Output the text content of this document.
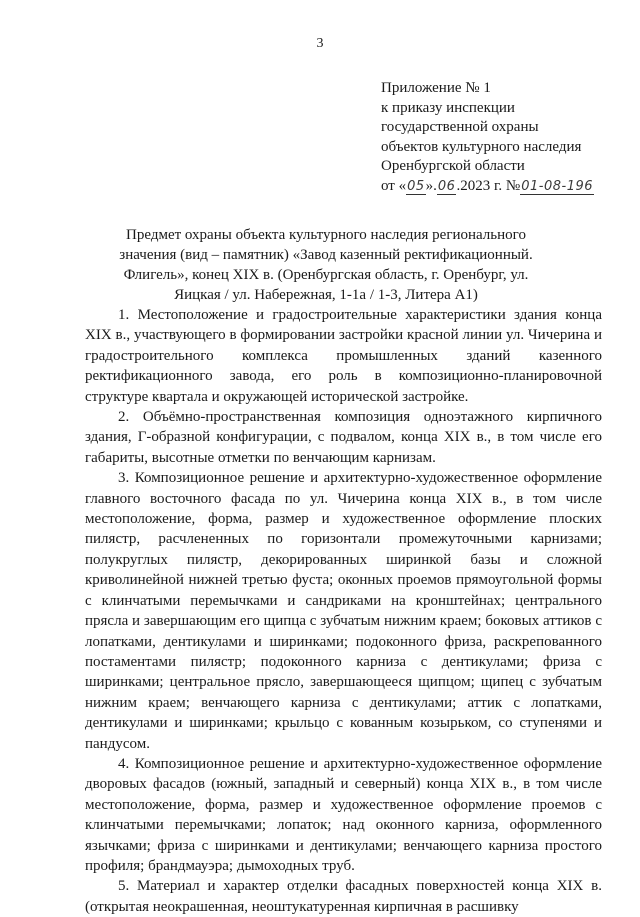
3
Приложение № 1
к приказу инспекции
государственной охраны
объектов культурного наследия
Оренбургской области
от «05».06.2023 г. №01-08-196
Предмет охраны объекта культурного наследия регионального значения (вид – памятник) «Завод казенный ректификационный. Флигель», конец XIX в. (Оренбургская область, г. Оренбург, ул. Яицкая / ул. Набережная, 1-1а / 1-3, Литера А1)

1. Местоположение и градостроительные характеристики здания конца XIX в., участвующего в формировании застройки красной линии ул. Чичерина и градостроительного комплекса промышленных зданий казенного ректификационного завода, его роль в композиционно-планировочной структуре квартала и окружающей исторической застройке.

2. Объёмно-пространственная композиция одноэтажного кирпичного здания, Г-образной конфигурации, с подвалом, конца XIX в., в том числе его габариты, высотные отметки по венчающим карнизам.

3. Композиционное решение и архитектурно-художественное оформление главного восточного фасада по ул. Чичерина конца XIX в., в том числе местоположение, форма, размер и художественное оформление плоских пилястр, расчлененных по горизонтали промежуточными карнизами; полукруглых пилястр, декорированных ширинкой базы и сложной криволинейной нижней третью фуста; оконных проемов прямоугольной формы с клинчатыми перемычками и сандриками на кронштейнах; центрального прясла и завершающим его щипца с зубчатым нижним краем; боковых аттиков с лопатками, дентикулами и ширинками; подоконного фриза, раскрепованного постаментами пилястр; подоконного карниза с дентикулами; фриза с ширинками; центральное прясло, завершающееся щипцом; щипец с зубчатым нижним краем; венчающего карниза с дентикулами; аттик с лопатками, дентикулами и ширинками; крыльцо с кованным козырьком, со ступенями и пандусом.

4. Композиционное решение и архитектурно-художественное оформление дворовых фасадов (южный, западный и северный) конца XIX в., в том числе местоположение, форма, размер и художественное оформление проемов с клинчатыми перемычками; лопаток; над оконного карниза, оформленного язычками; фриза с ширинками и дентикулами; венчающего карниза простого профиля; брандмауэра; дымоходных труб.

5. Материал и характер отделки фасадных поверхностей конца XIX в. (открытая неокрашенная, неоштукатуренная кирпичная в расшивку
